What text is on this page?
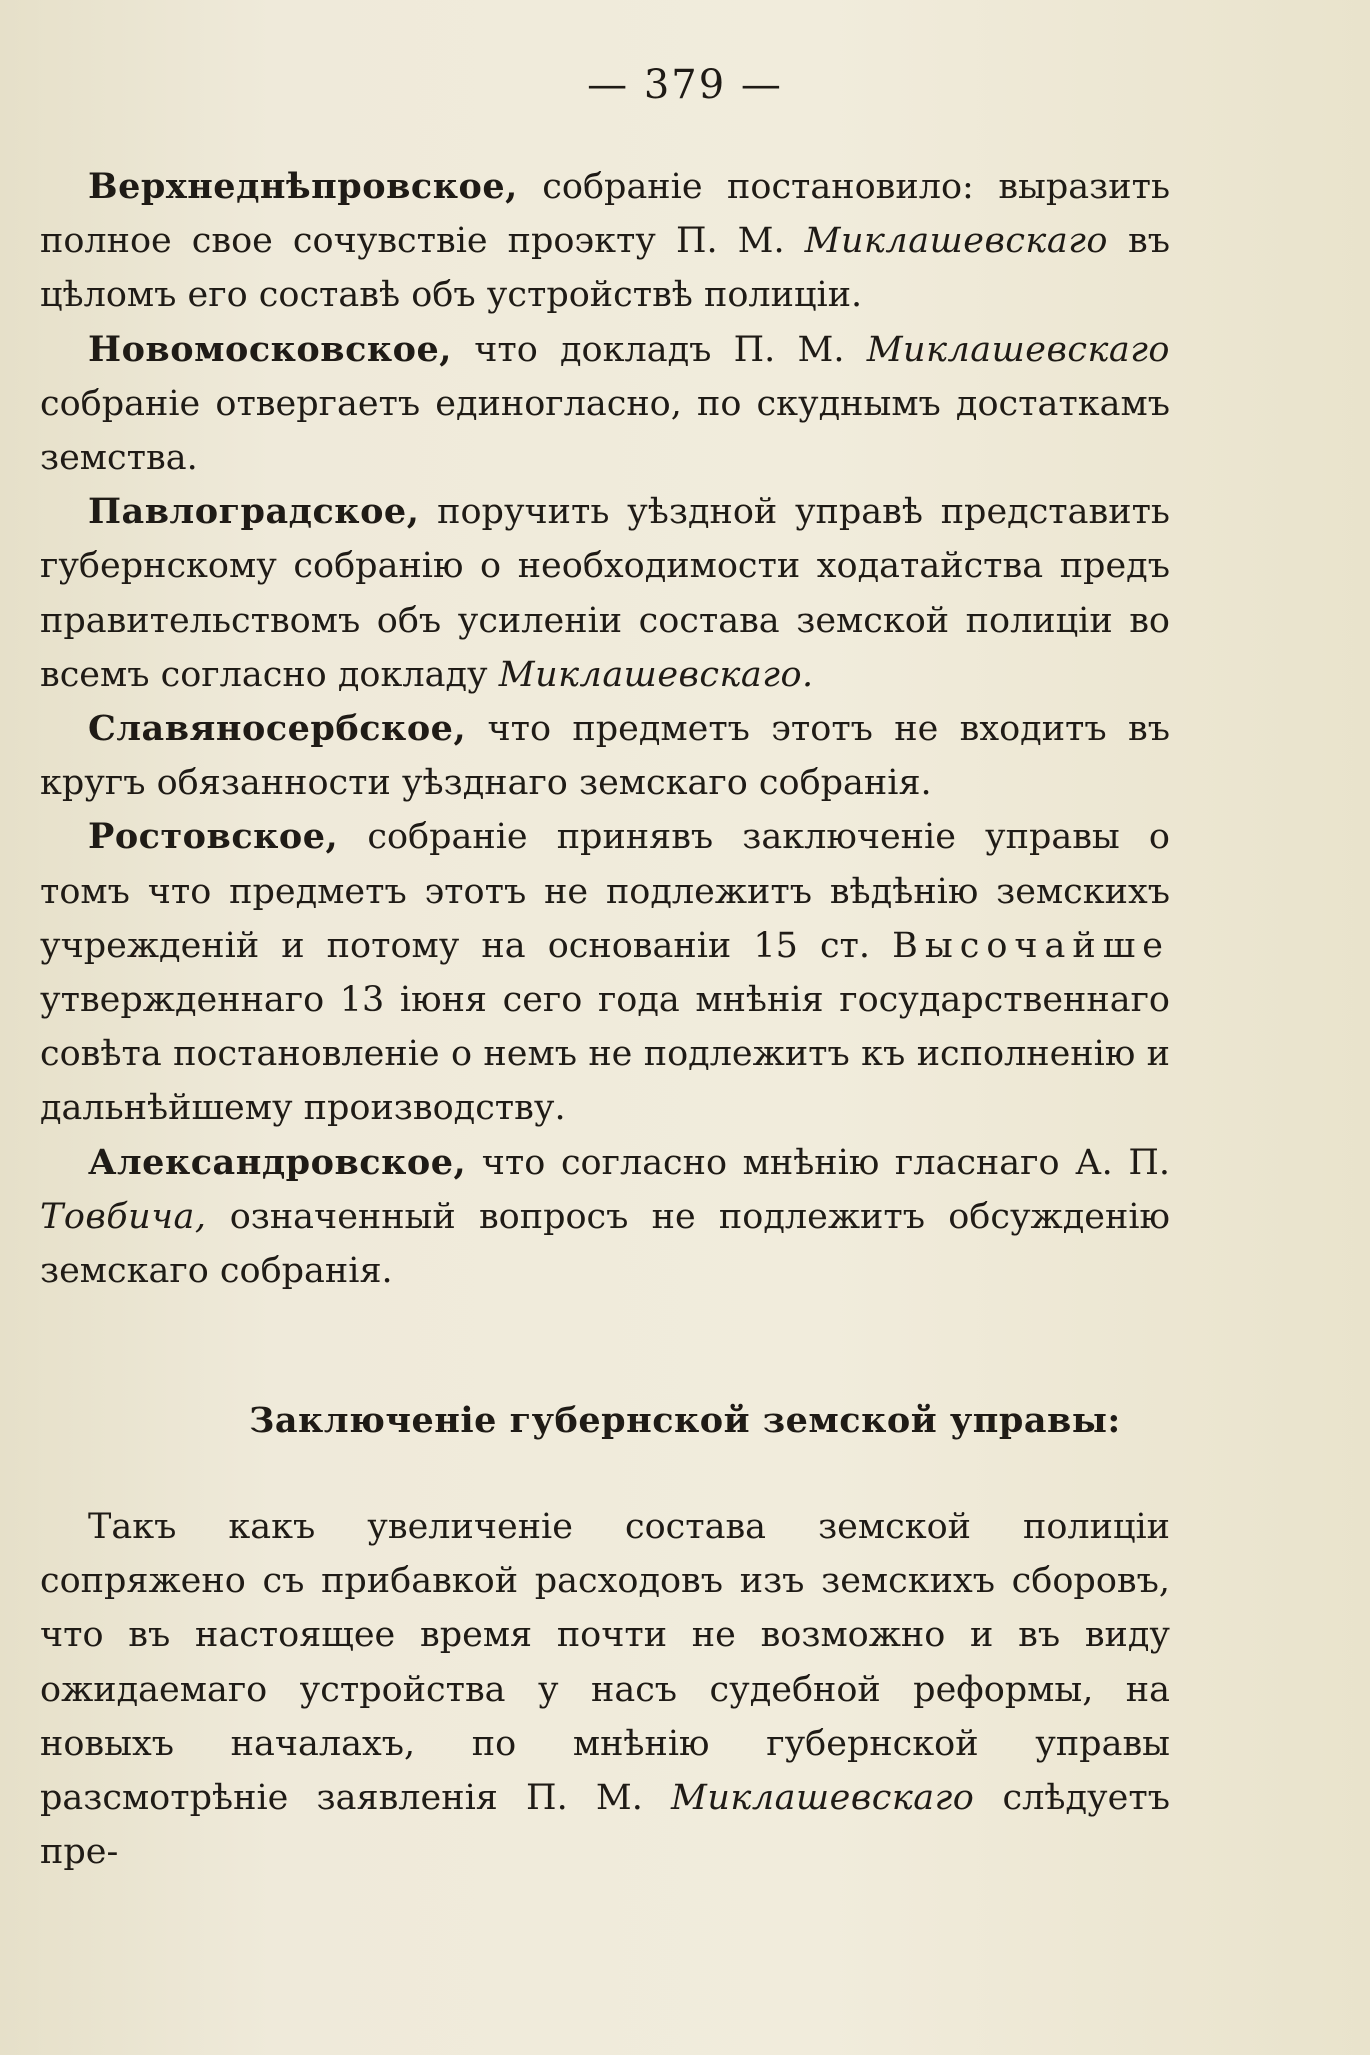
— 379 —

Верхнеднѣпровское, собраніе постановило: выразить полное свое сочувствіе проэкту П. М. Миклашевскаго въ цѣломъ его составѣ объ устройствѣ полиціи.

Новомосковское, что докладъ П. М. Миклашевскаго собраніе отвергаетъ единогласно, по скуднымъ достаткамъ земства.

Павлоградское, поручить уѣздной управѣ представить губернскому собранію о необходимости ходатайства предъ правительствомъ объ усиленіи состава земской полиціи во всемъ согласно докладу Миклашевскаго.

Славяносербское, что предметъ этотъ не входитъ въ кругъ обязанности уѣзднаго земскаго собранія.

Ростовское, собраніе принявъ заключеніе управы о томъ что предметъ этотъ не подлежитъ вѣдѣнію земскихъ учрежденій и потому на основаніи 15 ст. Высочайше утвержденнаго 13 іюня сего года мнѣнія государственнаго совѣта постановленіе о немъ не подлежитъ къ исполненію и дальнѣйшему производству.

Александровское, что согласно мнѣнію гласнаго А. П. Товбича, означенный вопросъ не подлежитъ обсужденію земскаго собранія.

Заключеніе губернской земской управы:

Такъ какъ увеличеніе состава земской полиціи сопряжено съ прибавкой расходовъ изъ земскихъ сборовъ, что въ настоящее время почти не возможно и въ виду ожидаемаго устройства у насъ судебной реформы, на новыхъ началахъ, по мнѣнію губернской управы разсмотрѣніе заявленія П. М. Миклашевскаго слѣдуетъ пре-
